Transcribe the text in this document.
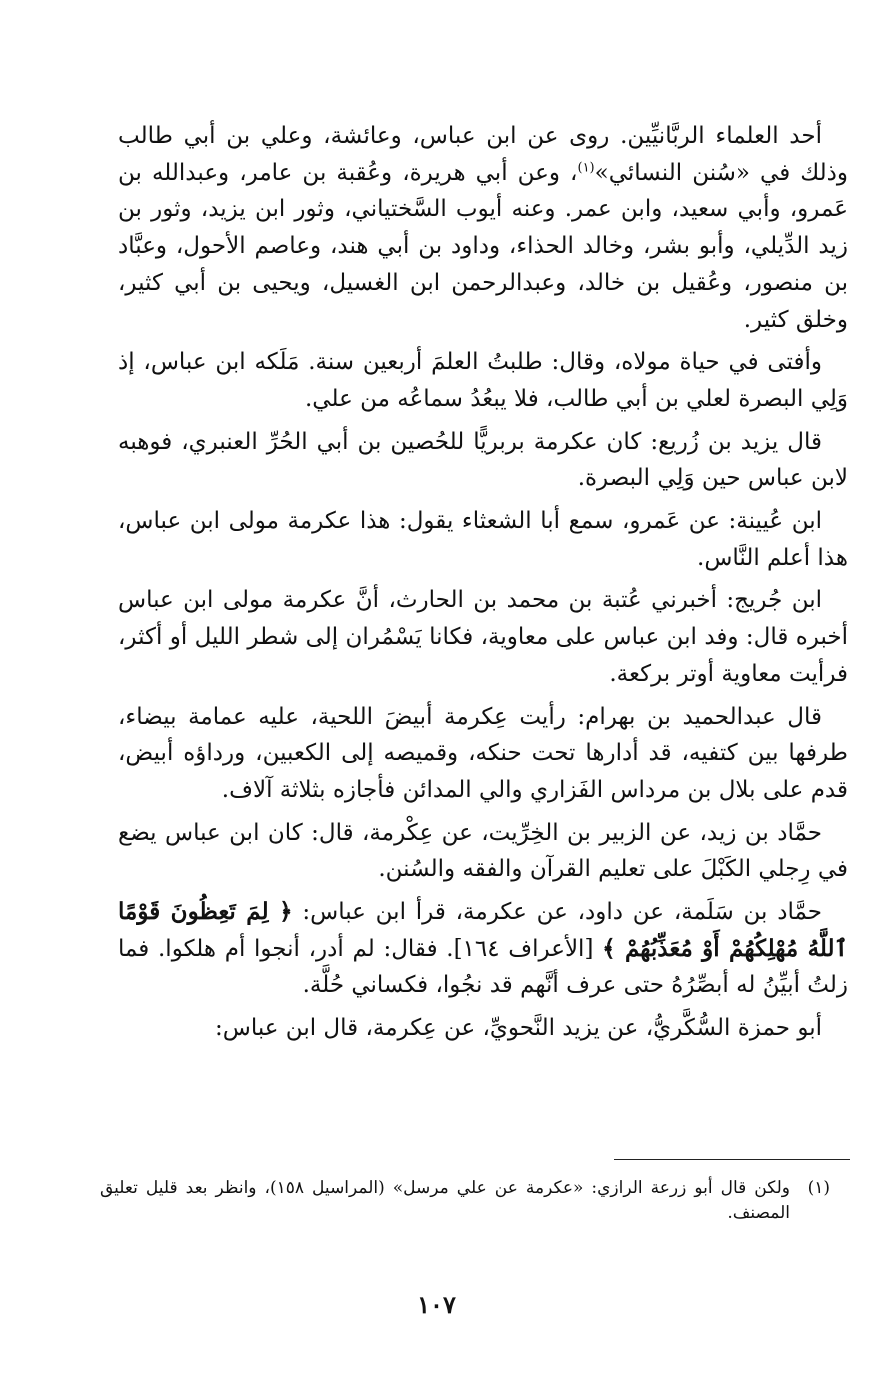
أحد العلماء الربَّانيِّين. روى عن ابن عباس، وعائشة، وعلي بن أبي طالب وذلك في «سُنن النسائي»$^{(١)}$، وعن أبي هريرة، وعُقبة بن عامر، وعبدالله بن عَمرو، وأبي سعيد، وابن عمر. وعنه أيوب السَّختياني، وثور ابن يزيد، وثور بن زيد الدِّيلي، وأبو بشر، وخالد الحذاء، وداود بن أبي هند، وعاصم الأحول، وعبَّاد بن منصور، وعُقيل بن خالد، وعبدالرحمن ابن الغسيل، ويحيى بن أبي كثير، وخلق كثير.

وأفتى في حياة مولاه، وقال: طلبتُ العلمَ أربعين سنة. مَلَكه ابن عباس، إذ وَلِي البصرة لعلي بن أبي طالب، فلا يبعُدُ سماعُه من علي.

قال يزيد بن زُريع: كان عكرمة بربريًّا للحُصين بن أبي الحُرِّ العنبري، فوهبه لابن عباس حين وَلِي البصرة.

ابن عُيينة: عن عَمرو، سمع أبا الشعثاء يقول: هذا عكرمة مولى ابن عباس، هذا أعلم النَّاس.

ابن جُريج: أخبرني عُتبة بن محمد بن الحارث، أنَّ عكرمة مولى ابن عباس أخبره قال: وفد ابن عباس على معاوية، فكانا يَسْمُران إلى شطر الليل أو أكثر، فرأيت معاوية أوتر بركعة.

قال عبدالحميد بن بهرام: رأيت عِكرمة أبيضَ اللحية، عليه عمامة بيضاء، طرفها بين كتفيه، قد أدارها تحت حنكه، وقميصه إلى الكعبين، ورداؤه أبيض، قدم على بلال بن مرداس الفَزاري والي المدائن فأجازه بثلاثة آلاف.

حمَّاد بن زيد، عن الزبير بن الخِرِّيت، عن عِكْرمة، قال: كان ابن عباس يضع في رِجلي الكَبْلَ على تعليم القرآن والفقه والسُنن.

حمَّاد بن سَلَمة، عن داود، عن عكرمة، قرأ ابن عباس: ﴿ لِمَ تَعِظُونَ قَوْمًا ٱللَّهُ مُهْلِكُهُمْ أَوْ مُعَذِّبُهُمْ ﴾ [الأعراف ١٦٤]. فقال: لم أدر، أنجوا أم هلكوا. فما زلتُ أبيِّنُ له أبصِّرُهُ حتى عرف أنَّهم قد نجُوا، فكساني حُلَّة.

أبو حمزة السُّكَّريُّ، عن يزيد النَّحويِّ، عن عِكرمة، قال ابن عباس:

(١)
ولكن قال أبو زرعة الرازي: «عكرمة عن علي مرسل» (المراسيل ١٥٨)، وانظر بعد قليل تعليق المصنف.
١٠٧
